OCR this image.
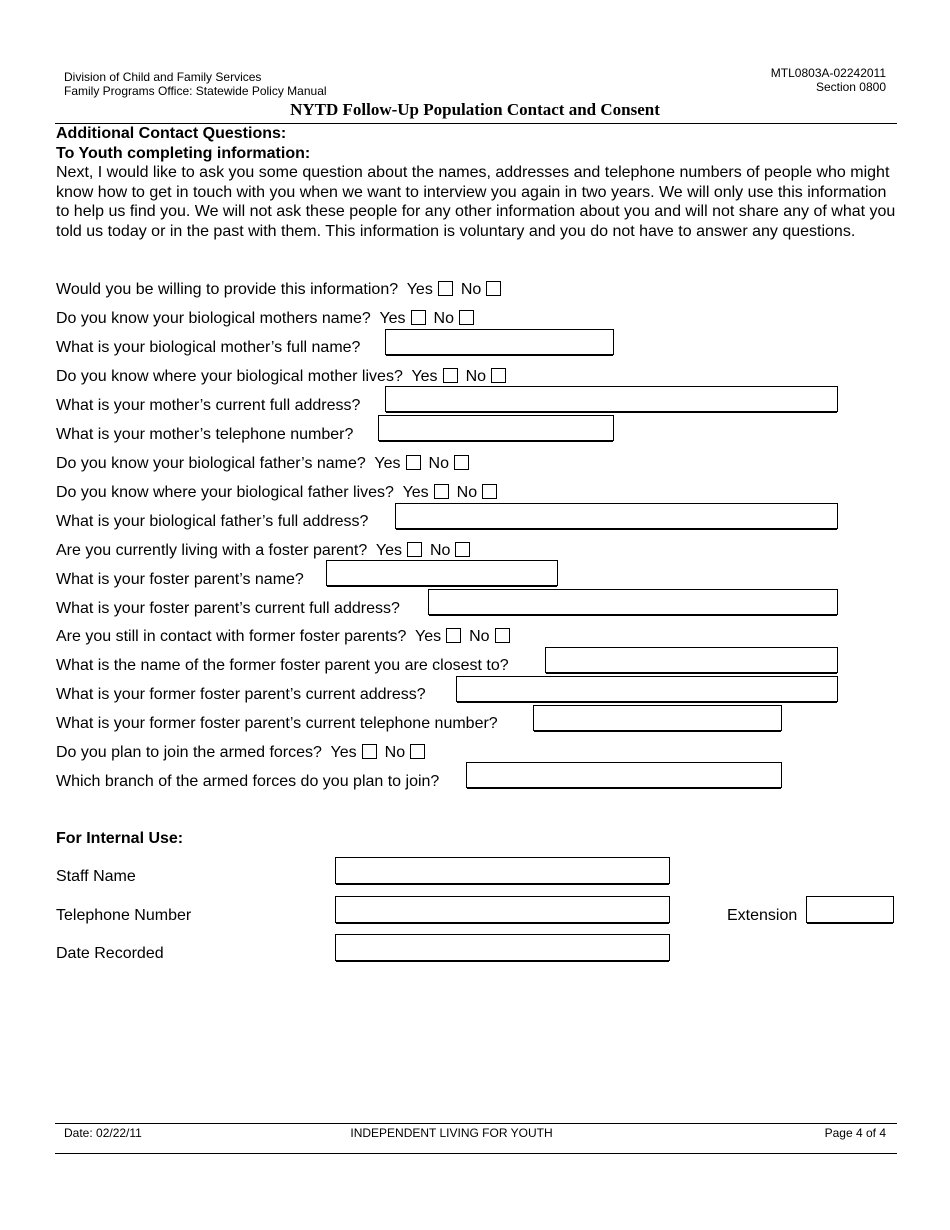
Division of Child and Family Services
Family Programs Office: Statewide Policy Manual
MTL0803A-02242011
Section 0800
NYTD Follow-Up Population Contact and Consent
Additional Contact Questions:
To Youth completing information:
Next, I would like to ask you some question about the names, addresses and telephone numbers of people who might know how to get in touch with you when we want to interview you again in two years. We will only use this information to help us find you. We will not ask these people for any other information about you and will not share any of what you told us today or in the past with them. This information is voluntary and you do not have to answer any questions.
Would you be willing to provide this information? Yes No
Do you know your biological mothers name? Yes No
What is your biological mother’s full name?
Do you know where your biological mother lives? Yes No
What is your mother’s current full address?
What is your mother’s telephone number?
Do you know your biological father’s name? Yes No
Do you know where your biological father lives? Yes No
What is your biological father’s full address?
Are you currently living with a foster parent? Yes No
What is your foster parent’s name?
What is your foster parent’s current full address?
Are you still in contact with former foster parents? Yes No
What is the name of the former foster parent you are closest to?
What is your former foster parent’s current address?
What is your former foster parent’s current telephone number?
Do you plan to join the armed forces? Yes No
Which branch of the armed forces do you plan to join?
For Internal Use:
Staff Name
Telephone Number	Extension
Date Recorded
Date: 02/22/11	INDEPENDENT LIVING FOR YOUTH	Page 4 of 4
